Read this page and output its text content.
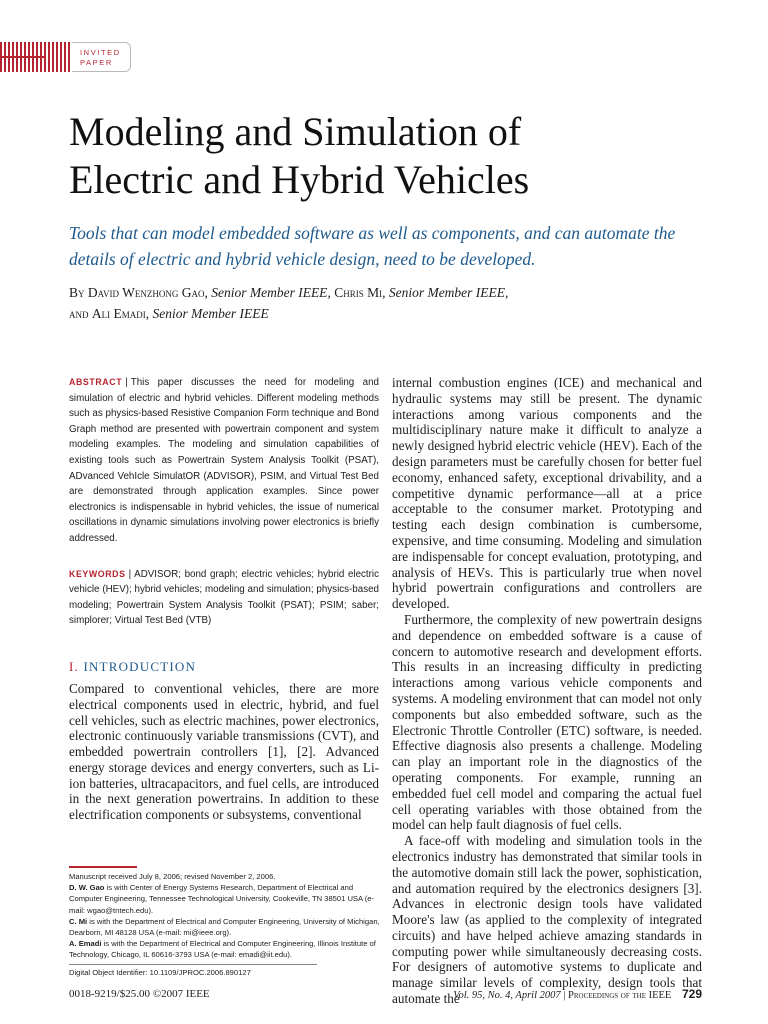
INVITED
PAPER
Modeling and Simulation of
Electric and Hybrid Vehicles

Tools that can model embedded software as well as components, and can automate the details of electric and hybrid vehicle design, need to be developed.

By David Wenzhong Gao, Senior Member IEEE, Chris Mi, Senior Member IEEE,
and Ali Emadi, Senior Member IEEE

ABSTRACT | This paper discusses the need for modeling and simulation of electric and hybrid vehicles. Different modeling methods such as physics-based Resistive Companion Form technique and Bond Graph method are presented with powertrain component and system modeling examples. The modeling and simulation capabilities of existing tools such as Powertrain System Analysis Toolkit (PSAT), ADvanced VehIcle SimulatOR (ADVISOR), PSIM, and Virtual Test Bed are demonstrated through application examples. Since power electronics is indispensable in hybrid vehicles, the issue of numerical oscillations in dynamic simulations involving power electronics is briefly addressed.

KEYWORDS | ADVISOR; bond graph; electric vehicles; hybrid electric vehicle (HEV); hybrid vehicles; modeling and simulation; physics-based modeling; Powertrain System Analysis Toolkit (PSAT); PSIM; saber; simplorer; Virtual Test Bed (VTB)

I. INTRODUCTION

Compared to conventional vehicles, there are more electrical components used in electric, hybrid, and fuel cell vehicles, such as electric machines, power electronics, electronic continuously variable transmissions (CVT), and embedded powertrain controllers [1], [2]. Advanced energy storage devices and energy converters, such as Li-ion batteries, ultracapacitors, and fuel cells, are introduced in the next generation powertrains. In addition to these electrification components or subsystems, conventional

Manuscript received July 8, 2006; revised November 2, 2006.

D. W. Gao is with Center of Energy Systems Research, Department of Electrical and Computer Engineering, Tennessee Technological University, Cookeville, TN 38501 USA (e-mail: wgao@tntech.edu).

C. Mi is with the Department of Electrical and Computer Engineering, University of Michigan, Dearborn, MI 48128 USA (e-mail: mi@ieee.org).

A. Emadi is with the Department of Electrical and Computer Engineering, Illinois Institute of Technology, Chicago, IL 60616-3793 USA (e-mail: emadi@iit.edu).

Digital Object Identifier: 10.1109/JPROC.2006.890127

internal combustion engines (ICE) and mechanical and hydraulic systems may still be present. The dynamic interactions among various components and the multidisciplinary nature make it difficult to analyze a newly designed hybrid electric vehicle (HEV). Each of the design parameters must be carefully chosen for better fuel economy, enhanced safety, exceptional drivability, and a competitive dynamic performance—all at a price acceptable to the consumer market. Prototyping and testing each design combination is cumbersome, expensive, and time consuming. Modeling and simulation are indispensable for concept evaluation, prototyping, and analysis of HEVs. This is particularly true when novel hybrid powertrain configurations and controllers are developed.

Furthermore, the complexity of new powertrain designs and dependence on embedded software is a cause of concern to automotive research and development efforts. This results in an increasing difficulty in predicting interactions among various vehicle components and systems. A modeling environment that can model not only components but also embedded software, such as the Electronic Throttle Controller (ETC) software, is needed. Effective diagnosis also presents a challenge. Modeling can play an important role in the diagnostics of the operating components. For example, running an embedded fuel cell model and comparing the actual fuel cell operating variables with those obtained from the model can help fault diagnosis of fuel cells.

A face-off with modeling and simulation tools in the electronics industry has demonstrated that similar tools in the automotive domain still lack the power, sophistication, and automation required by the electronics designers [3]. Advances in electronic design tools have validated Moore's law (as applied to the complexity of integrated circuits) and have helped achieve amazing standards in computing power while simultaneously decreasing costs. For designers of automotive systems to duplicate and manage similar levels of complexity, design tools that automate the

0018-9219/$25.00 ©2007 IEEE	Vol. 95, No. 4, April 2007 | Proceedings of the IEEE 729
